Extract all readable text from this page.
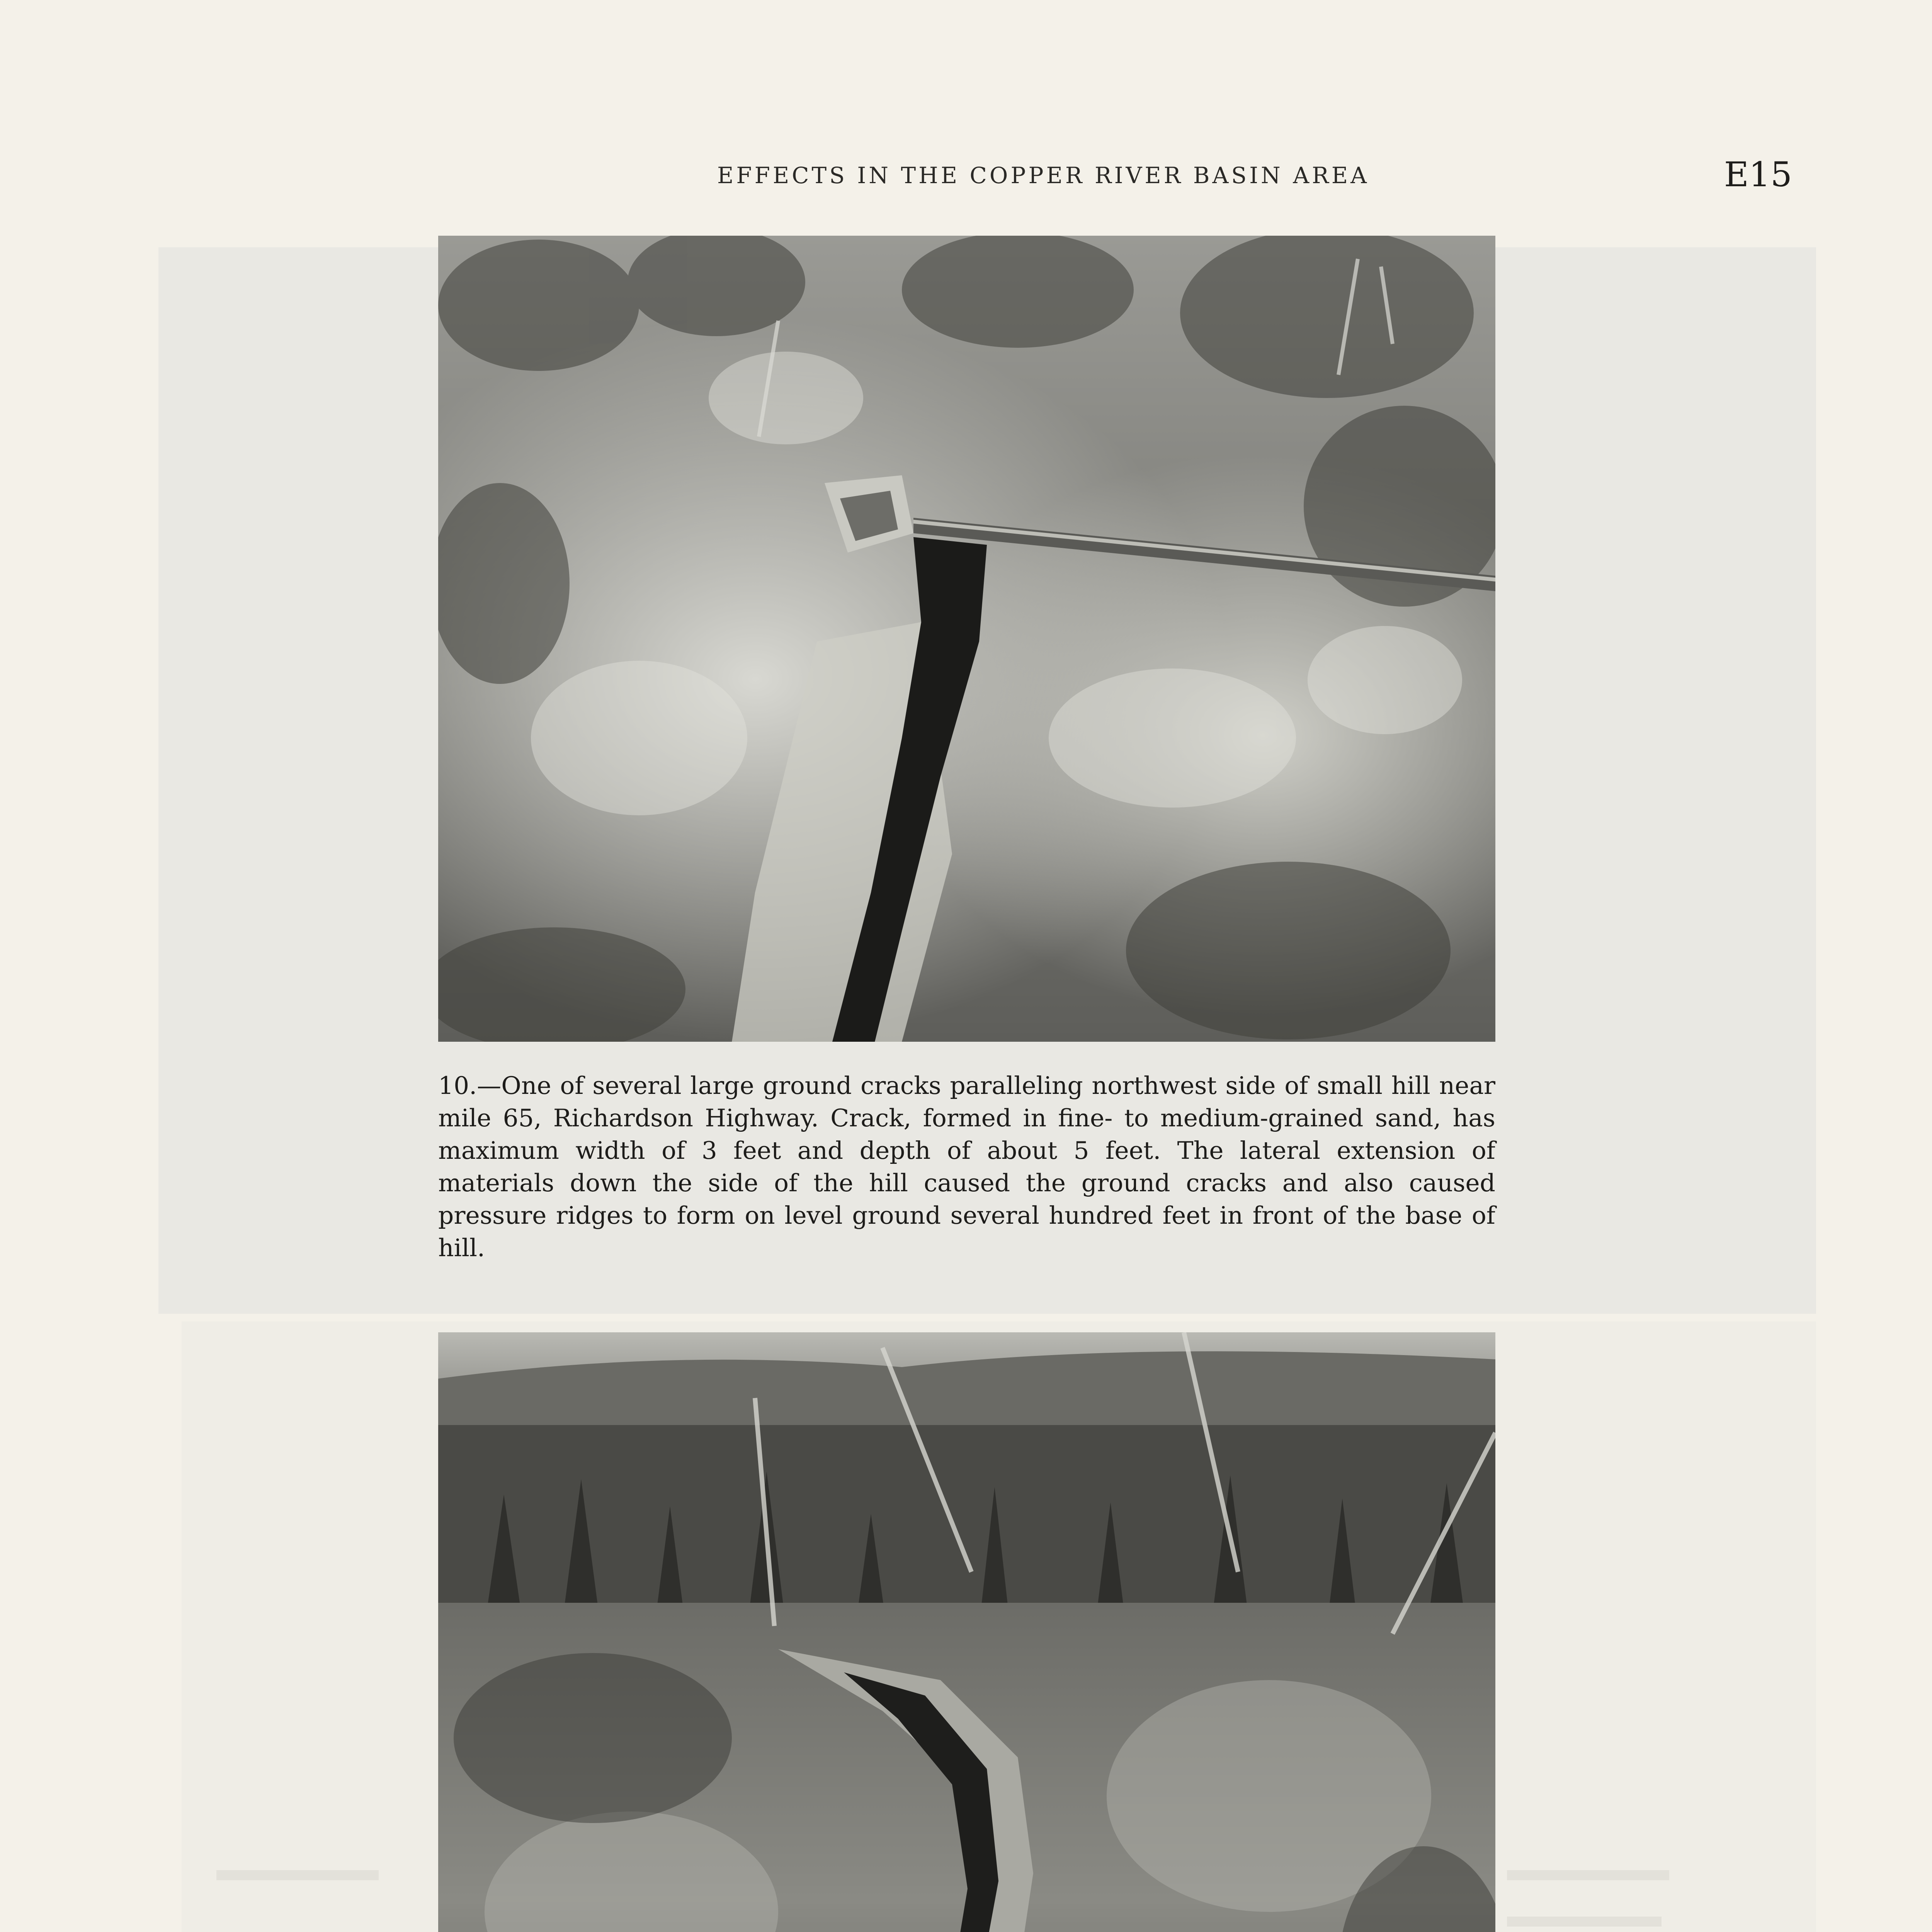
EFFECTS IN THE COPPER RIVER BASIN AREA	E15
10.—One of several large ground cracks paralleling northwest side of small hill near mile 65, Richardson Highway. Crack, formed in fine- to medium-grained sand, has maximum width of 3 feet and depth of about 5 feet. The lateral extension of materials down the side of the hill caused the ground cracks and also caused pressure ridges to form on level ground several hundred feet in front of the base of hill.
